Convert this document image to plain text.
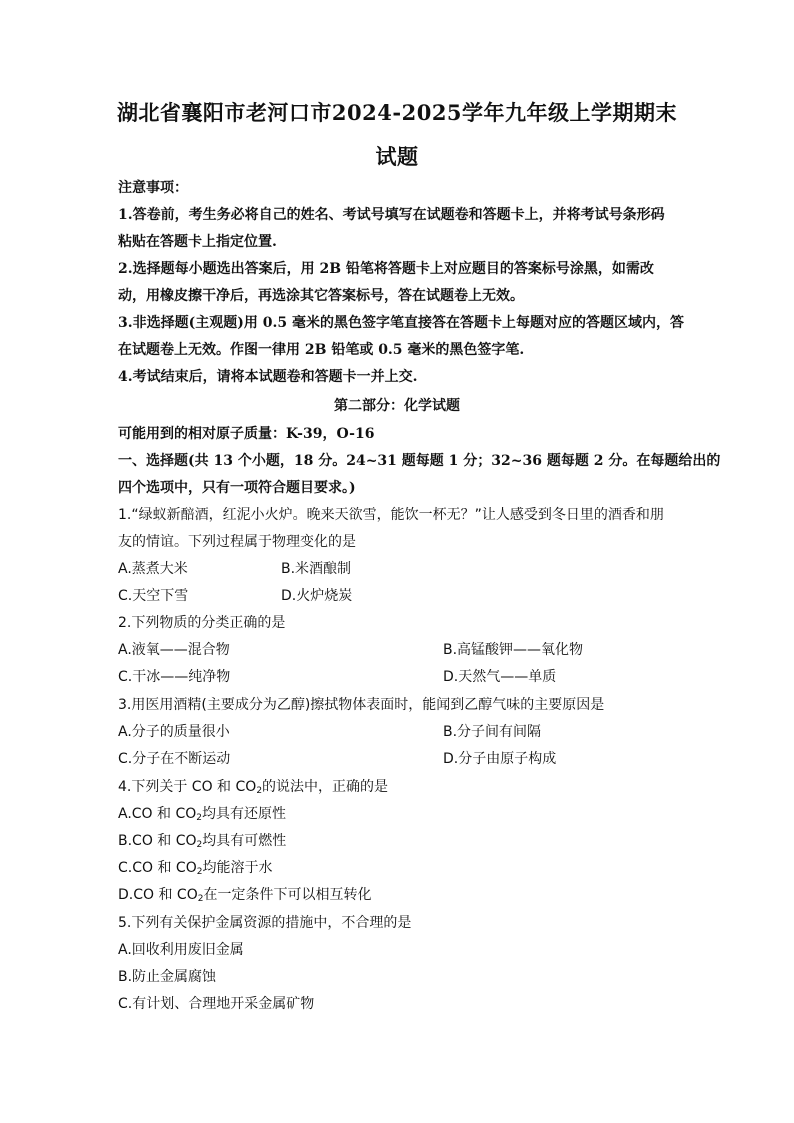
湖北省襄阳市老河口市2024-2025学年九年级上学期期末
试题
注意事项：
1.答卷前，考生务必将自己的姓名、考试号填写在试题卷和答题卡上，并将考试号条形码
粘贴在答题卡上指定位置.
2.选择题每小题选出答案后，用 2B 铅笔将答题卡上对应题目的答案标号涂黑，如需改
动，用橡皮擦干净后，再选涂其它答案标号，答在试题卷上无效。
3.非选择题(主观题)用 0.5 毫米的黑色签字笔直接答在答题卡上每题对应的答题区域内，答
在试题卷上无效。作图一律用 2B 铅笔或 0.5 毫米的黑色签字笔.
4.考试结束后，请将本试题卷和答题卡一并上交.
第二部分：化学试题
可能用到的相对原子质量：K-39，O-16
一、选择题(共 13 个小题，18 分。24~31 题每题 1 分；32~36 题每题 2 分。在每题给出的
四个选项中，只有一项符合题目要求。)
1.“绿蚁新醅酒，红泥小火炉。晚来天欲雪，能饮一杯无？”让人感受到冬日里的酒香和朋
友的情谊。下列过程属于物理变化的是
A.蒸煮大米	B.米酒酿制
C.天空下雪	D.火炉烧炭
2.下列物质的分类正确的是
A.液氧——混合物	B.高锰酸钾——氧化物
C.干冰——纯净物	D.天然气——单质
3.用医用酒精(主要成分为乙醇)擦拭物体表面时，能闻到乙醇气味的主要原因是
A.分子的质量很小	B.分子间有间隔
C.分子在不断运动	D.分子由原子构成
4.下列关于 CO 和 $CO_2$的说法中，正确的是
A.CO 和 $CO_2$均具有还原性
B.CO 和 $CO_2$均具有可燃性
C.CO 和 $CO_2$均能溶于水
D.CO 和 $CO_2$在一定条件下可以相互转化
5.下列有关保护金属资源的措施中，不合理的是
A.回收利用废旧金属
B.防止金属腐蚀
C.有计划、合理地开采金属矿物
